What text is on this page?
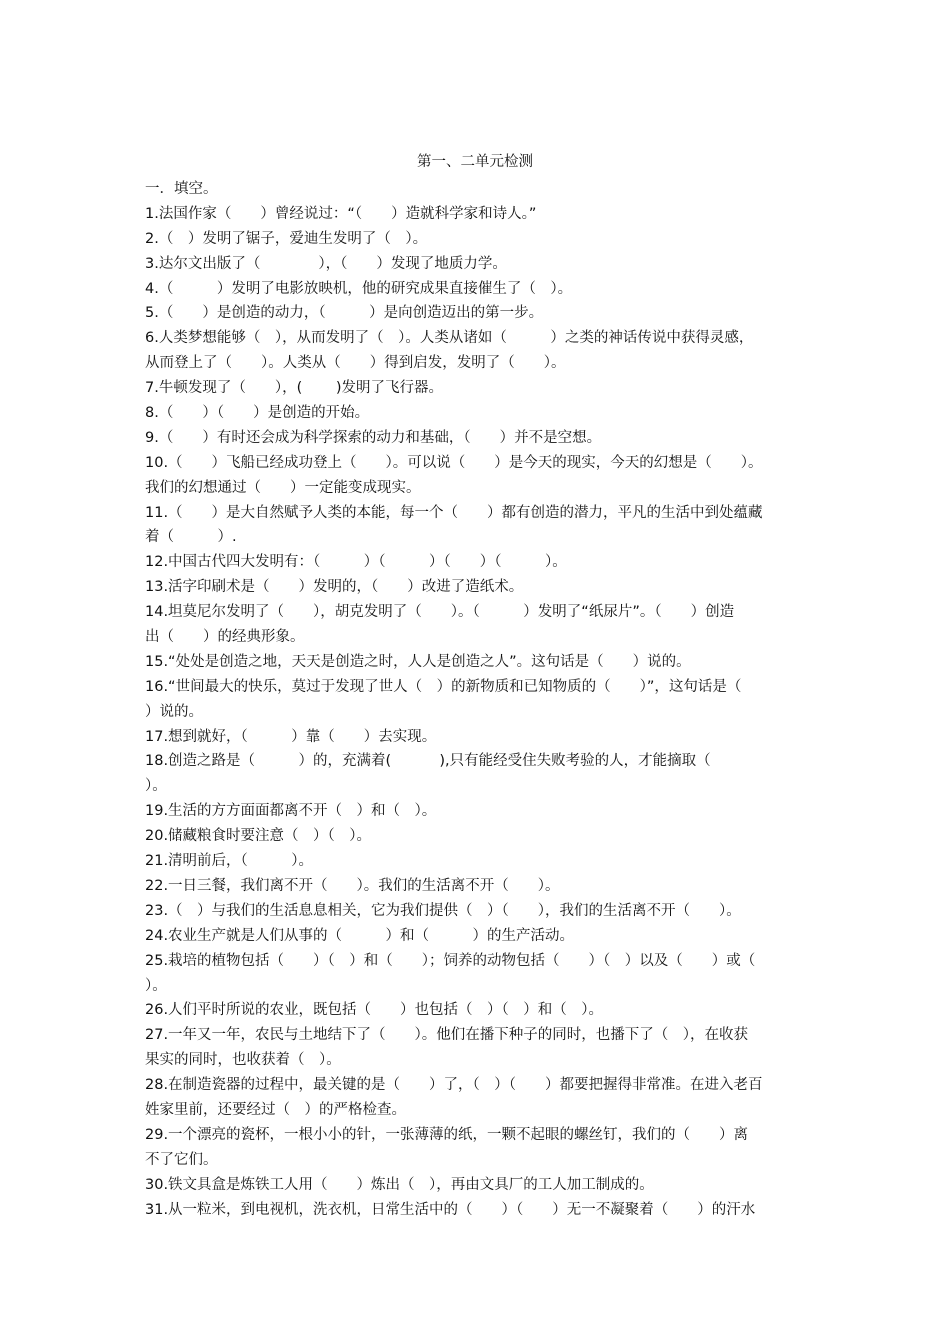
第一、二单元检测
一．填空。
1.法国作家（　　）曾经说过：“（　　）造就科学家和诗人。”
2.（　）发明了锯子，爱迪生发明了（　）。
3.达尔文出版了（　　　　），（　　）发现了地质力学。
4.（　　　）发明了电影放映机，他的研究成果直接催生了（　）。
5.（　　）是创造的动力，（　　　）是向创造迈出的第一步。
6.人类梦想能够（　），从而发明了（　）。人类从诸如（　　　）之类的神话传说中获得灵感，
从而登上了（　　）。人类从（　　）得到启发，发明了（　　）。
7.牛顿发现了（　　），(　　 )发明了飞行器。
8.（　　）（　　）是创造的开始。
9.（　　）有时还会成为科学探索的动力和基础，（　　）并不是空想。
10.（　　）飞船已经成功登上（　　）。可以说（　　）是今天的现实，今天的幻想是（　　）。
我们的幻想通过（　　）一定能变成现实。
11.（　　）是大自然赋予人类的本能，每一个（　　）都有创造的潜力，平凡的生活中到处蕴藏
着（　　　）.
12.中国古代四大发明有：（　　　）（　　　）（　　）（　　　）。
13.活字印刷术是（　　）发明的，（　　）改进了造纸术。
14.坦莫尼尔发明了（　　），胡克发明了（　　）。（　　　）发明了“纸尿片”。（　　）创造
出（　　）的经典形象。
15.“处处是创造之地，天天是创造之时，人人是创造之人”。这句话是（　　）说的。
16.“世间最大的快乐，莫过于发现了世人（　）的新物质和已知物质的（　　）”，这句话是（
）说的。
17.想到就好，（　　　）靠（　　）去实现。
18.创造之路是（　　　）的，充满着(　　　 ),只有能经受住失败考验的人，才能摘取（
）。
19.生活的方方面面都离不开（　）和（　）。
20.储藏粮食时要注意（　）（　）。
21.清明前后，（　　　）。
22.一日三餐，我们离不开（　　）。我们的生活离不开（　　）。
23.（　）与我们的生活息息相关，它为我们提供（　）（　　），我们的生活离不开（　　）。
24.农业生产就是人们从事的（　　　）和（　　　）的生产活动。
25.栽培的植物包括（　　）（　）和（　　）；饲养的动物包括（　　）（　）以及（　　）或（
）。
26.人们平时所说的农业，既包括（　　）也包括（　）（　）和（　）。
27.一年又一年，农民与土地结下了（　　）。他们在播下种子的同时，也播下了（　），在收获
果实的同时，也收获着（　）。
28.在制造瓷器的过程中，最关键的是（　　）了，（　）（　　）都要把握得非常准。在进入老百
姓家里前，还要经过（　）的严格检查。
29.一个漂亮的瓷杯，一根小小的针，一张薄薄的纸，一颗不起眼的螺丝钉，我们的（　　）离
不了它们。
30.铁文具盒是炼铁工人用（　　）炼出（　），再由文具厂的工人加工制成的。
31.从一粒米，到电视机，洗衣机，日常生活中的（　　）（　　）无一不凝聚着（　　）的汗水
